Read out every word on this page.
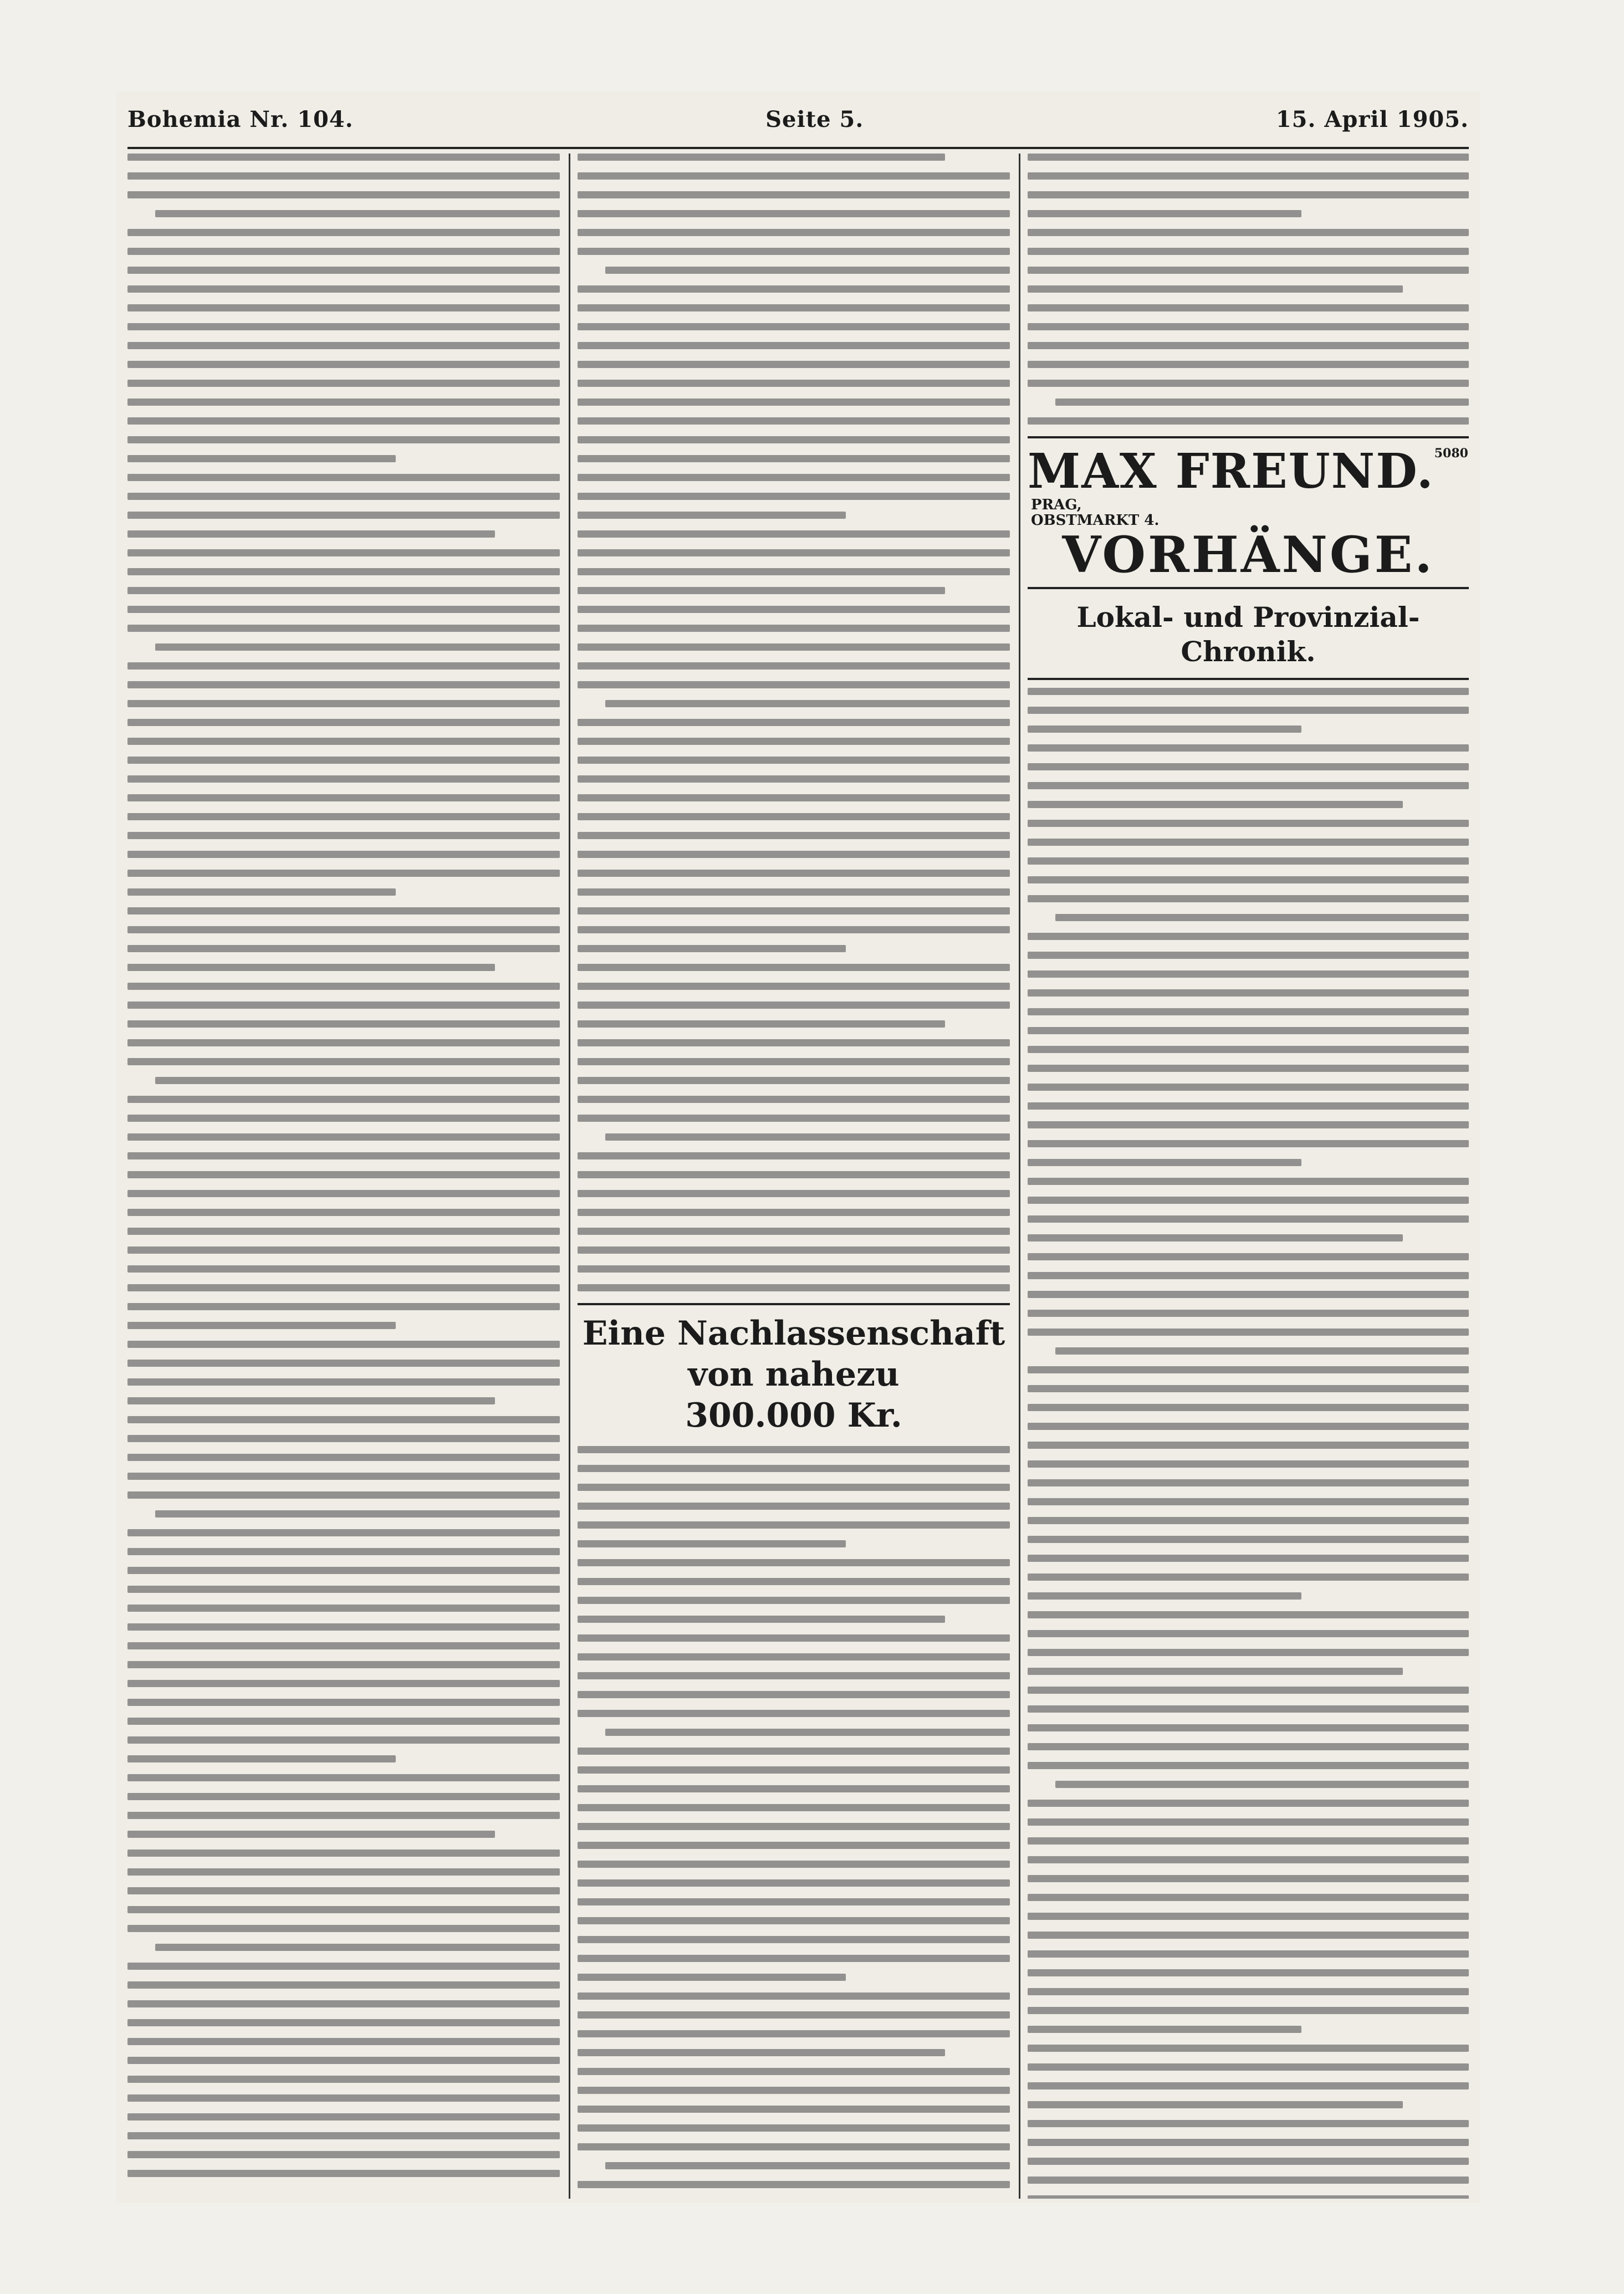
Bohemia Nr. 104.	Seite 5.	15. April 1905.
Eine Nachlassenschaft von nahezu
300.000 Kr.
MAX FREUND.5080 PRAG,
OBSTMARKT 4.
VORHÄNGE.
Lokal- und Provinzial-Chronik.
